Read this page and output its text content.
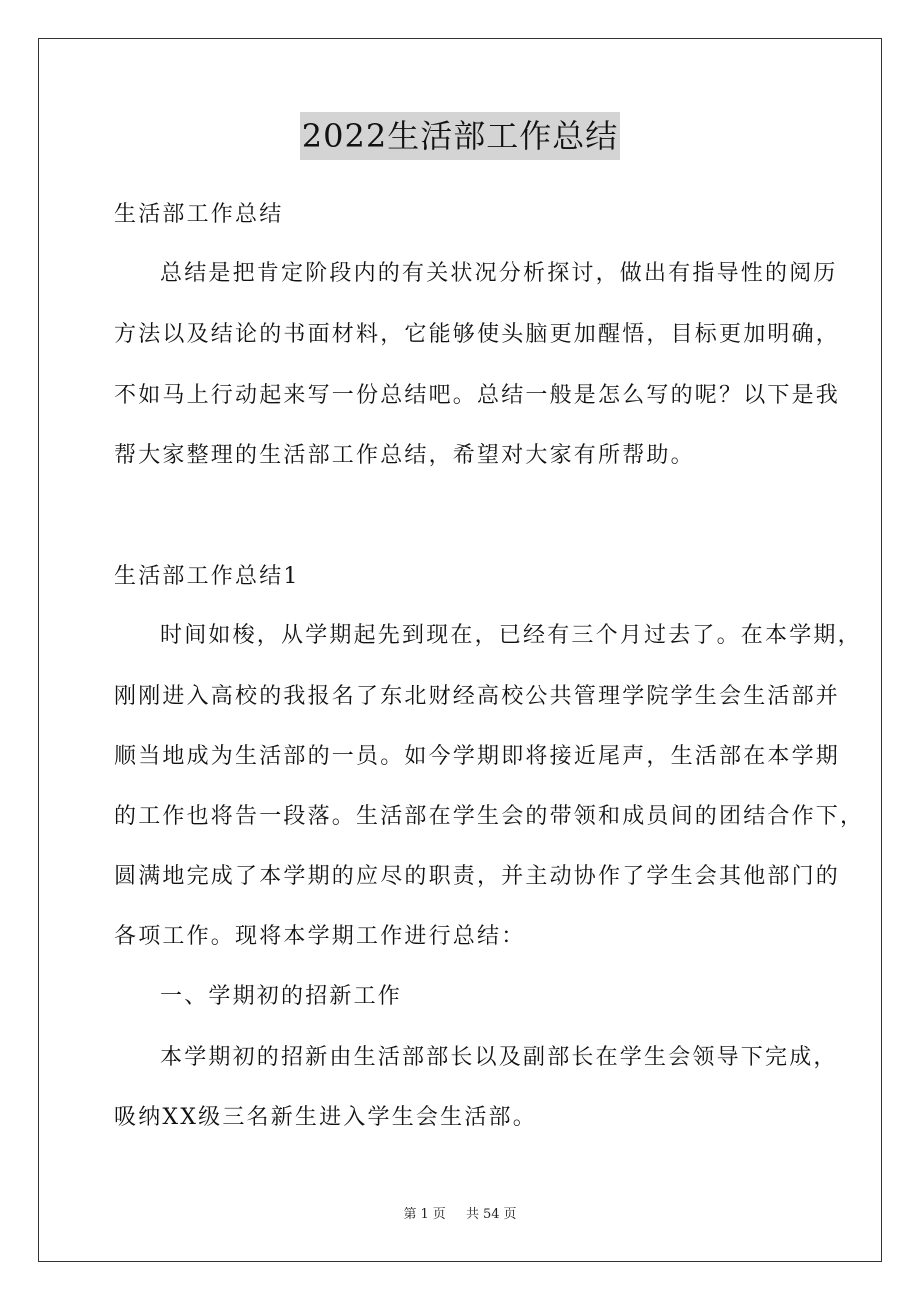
2022生活部工作总结
生活部工作总结
总结是把肯定阶段内的有关状况分析探讨，做出有指导性的阅历
方法以及结论的书面材料，它能够使头脑更加醒悟，目标更加明确，
不如马上行动起来写一份总结吧。总结一般是怎么写的呢？以下是我
帮大家整理的生活部工作总结，希望对大家有所帮助。
生活部工作总结1
时间如梭，从学期起先到现在，已经有三个月过去了。在本学期，
刚刚进入高校的我报名了东北财经高校公共管理学院学生会生活部并
顺当地成为生活部的一员。如今学期即将接近尾声，生活部在本学期
的工作也将告一段落。生活部在学生会的带领和成员间的团结合作下，
圆满地完成了本学期的应尽的职责，并主动协作了学生会其他部门的
各项工作。现将本学期工作进行总结：
一、学期初的招新工作
本学期初的招新由生活部部长以及副部长在学生会领导下完成，
吸纳XX级三名新生进入学生会生活部。
第 1 页 共 54 页
